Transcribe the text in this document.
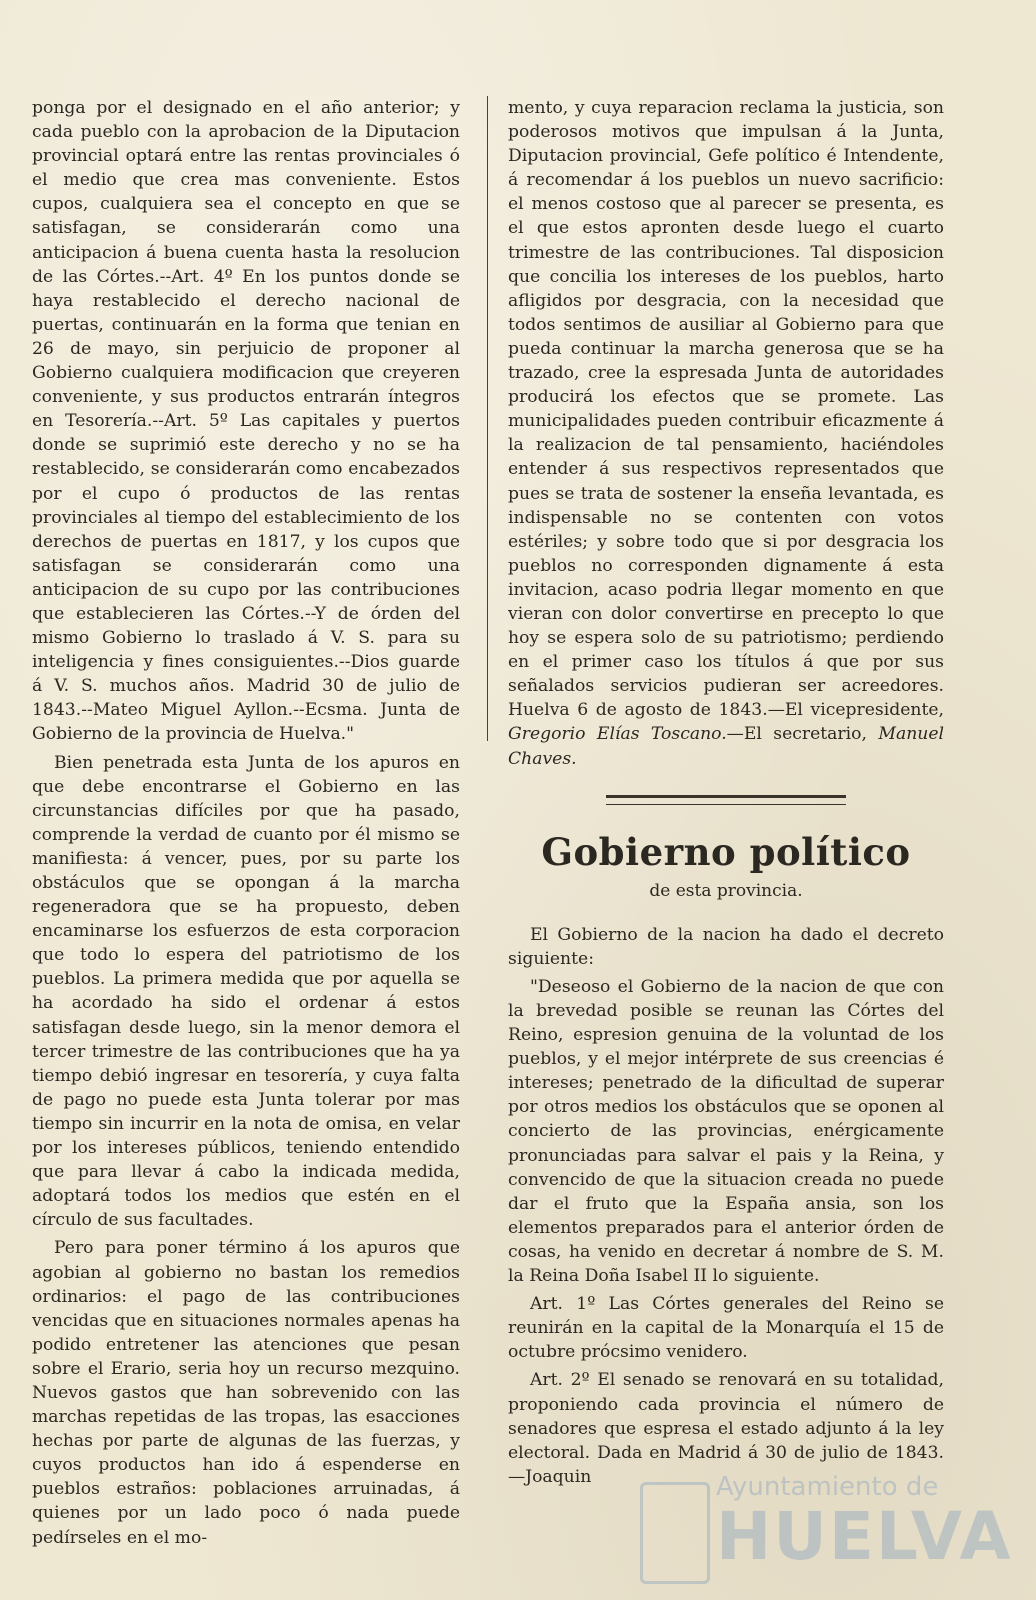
ponga por el designado en el año anterior; y cada pueblo con la aprobacion de la Diputacion provincial optará entre las rentas provinciales ó el medio que crea mas conveniente. Estos cupos, cualquiera sea el concepto en que se satisfagan, se considerarán como una anticipacion á buena cuenta hasta la resolucion de las Córtes.--Art. 4º En los puntos donde se haya restablecido el derecho nacional de puertas, continuarán en la forma que tenian en 26 de mayo, sin perjuicio de proponer al Gobierno cualquiera modificacion que creyeren conveniente, y sus productos entrarán íntegros en Tesorería.--Art. 5º Las capitales y puertos donde se suprimió este derecho y no se ha restablecido, se considerarán como encabezados por el cupo ó productos de las rentas provinciales al tiempo del establecimiento de los derechos de puertas en 1817, y los cupos que satisfagan se considerarán como una anticipacion de su cupo por las contribuciones que establecieren las Córtes.--Y de órden del mismo Gobierno lo traslado á V. S. para su inteligencia y fines consiguientes.--Dios guarde á V. S. muchos años. Madrid 30 de julio de 1843.--Mateo Miguel Ayllon.--Ecsma. Junta de Gobierno de la provincia de Huelva."

Bien penetrada esta Junta de los apuros en que debe encontrarse el Gobierno en las circunstancias difíciles por que ha pasado, comprende la verdad de cuanto por él mismo se manifiesta: á vencer, pues, por su parte los obstáculos que se opongan á la marcha regeneradora que se ha propuesto, deben encaminarse los esfuerzos de esta corporacion que todo lo espera del patriotismo de los pueblos. La primera medida que por aquella se ha acordado ha sido el ordenar á estos satisfagan desde luego, sin la menor demora el tercer trimestre de las contribuciones que ha ya tiempo debió ingresar en tesorería, y cuya falta de pago no puede esta Junta tolerar por mas tiempo sin incurrir en la nota de omisa, en velar por los intereses públicos, teniendo entendido que para llevar á cabo la indicada medida, adoptará todos los medios que estén en el círculo de sus facultades.

Pero para poner término á los apuros que agobian al gobierno no bastan los remedios ordinarios: el pago de las contribuciones vencidas que en situaciones normales apenas ha podido entretener las atenciones que pesan sobre el Erario, seria hoy un recurso mezquino. Nuevos gastos que han sobrevenido con las marchas repetidas de las tropas, las esacciones hechas por parte de algunas de las fuerzas, y cuyos productos han ido á espenderse en pueblos estraños: poblaciones arruinadas, á quienes por un lado poco ó nada puede pedírseles en el mo-

mento, y cuya reparacion reclama la justicia, son poderosos motivos que impulsan á la Junta, Diputacion provincial, Gefe político é Intendente, á recomendar á los pueblos un nuevo sacrificio: el menos costoso que al parecer se presenta, es el que estos apronten desde luego el cuarto trimestre de las contribuciones. Tal disposicion que concilia los intereses de los pueblos, harto afligidos por desgracia, con la necesidad que todos sentimos de ausiliar al Gobierno para que pueda continuar la marcha generosa que se ha trazado, cree la espresada Junta de autoridades producirá los efectos que se promete. Las municipalidades pueden contribuir eficazmente á la realizacion de tal pensamiento, haciéndoles entender á sus respectivos representados que pues se trata de sostener la enseña levantada, es indispensable no se contenten con votos estériles; y sobre todo que si por desgracia los pueblos no corresponden dignamente á esta invitacion, acaso podria llegar momento en que vieran con dolor convertirse en precepto lo que hoy se espera solo de su patriotismo; perdiendo en el primer caso los títulos á que por sus señalados servicios pudieran ser acreedores. Huelva 6 de agosto de 1843.—El vicepresidente, Gregorio Elías Toscano.—El secretario, Manuel Chaves.

Gobierno político
de esta provincia.

El Gobierno de la nacion ha dado el decreto siguiente:

"Deseoso el Gobierno de la nacion de que con la brevedad posible se reunan las Córtes del Reino, espresion genuina de la voluntad de los pueblos, y el mejor intérprete de sus creencias é intereses; penetrado de la dificultad de superar por otros medios los obstáculos que se oponen al concierto de las provincias, enérgicamente pronunciadas para salvar el pais y la Reina, y convencido de que la situacion creada no puede dar el fruto que la España ansia, son los elementos preparados para el anterior órden de cosas, ha venido en decretar á nombre de S. M. la Reina Doña Isabel II lo siguiente.

Art. 1º Las Córtes generales del Reino se reunirán en la capital de la Monarquía el 15 de octubre prócsimo venidero.

Art. 2º El senado se renovará en su totalidad, proponiendo cada provincia el número de senadores que espresa el estado adjunto á la ley electoral. Dada en Madrid á 30 de julio de 1843.—Joaquin	Ayuntamiento de
HUELVA
